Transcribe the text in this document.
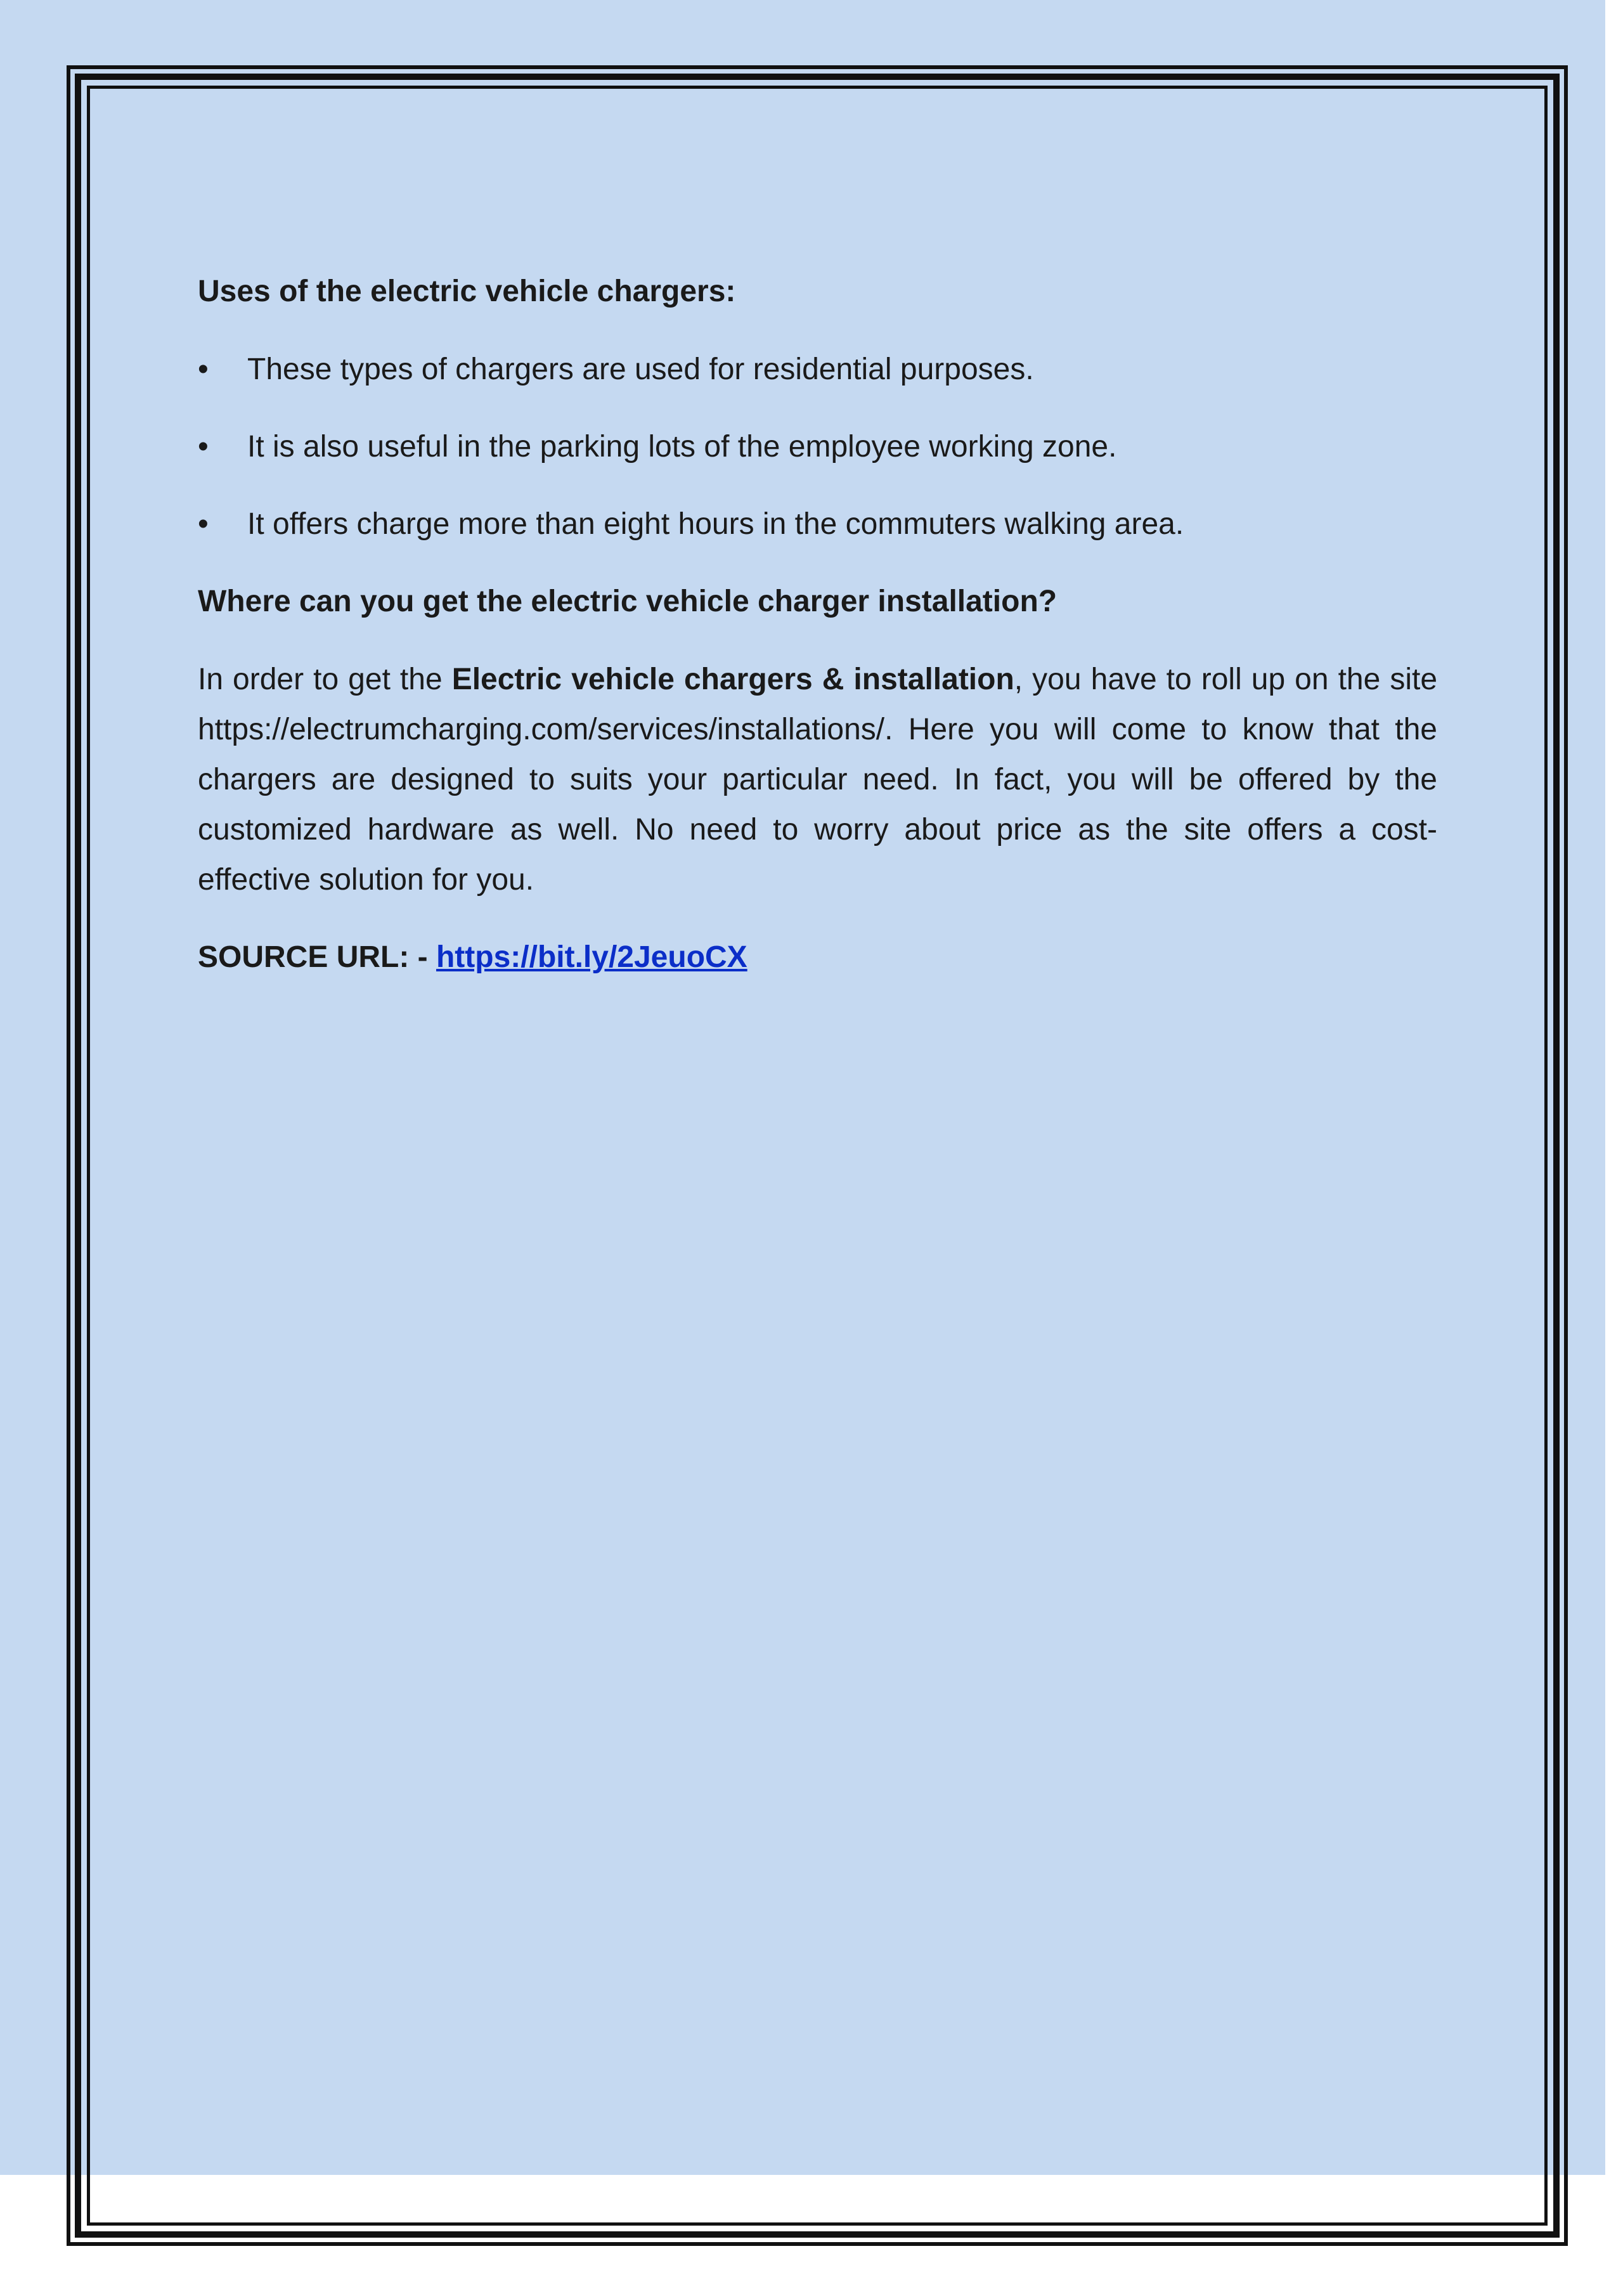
Uses of the electric vehicle chargers:

•	These types of chargers are used for residential purposes.
•	It is also useful in the parking lots of the employee working zone.
•	It offers charge more than eight hours in the commuters walking area.

Where can you get the electric vehicle charger installation?

In order to get the Electric vehicle chargers & installation, you have to roll up on the site https://electrumcharging.com/services/installations/. Here you will come to know that the chargers are designed to suits your particular need. In fact, you will be offered by the customized hardware as well. No need to worry about price as the site offers a cost-effective solution for you.

SOURCE URL: - https://bit.ly/2JeuoCX
